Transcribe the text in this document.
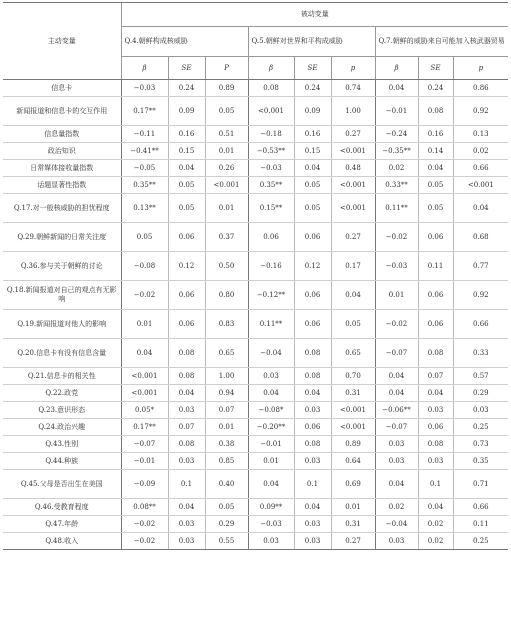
主动变量	被动变量								
	Q.4.朝鲜构成核威胁			Q.5.朝鲜对世界和平构成威胁			Q.7.朝鲜的威胁来自可能加入核武器贸易		
	β	SE	P	β	SE	p	β	SE	p
信息卡	−0.03	0.24	0.89	0.08	0.24	0.74	0.04	0.24	0.86
新闻报道和信息卡的交互作用	0.17**	0.09	0.05	<0.001	0.09	1.00	−0.01	0.08	0.92
信息量指数	−0.11	0.16	0.51	−0.18	0.16	0.27	−0.24	0.16	0.13
政治知识	−0.41**	0.15	0.01	−0.53**	0.15	<0.001	−0.35**	0.14	0.02
日常媒体接收量指数	−0.05	0.04	0.26	−0.03	0.04	0.48	0.02	0.04	0.66
话题显著性指数	0.35**	0.05	<0.001	0.35**	0.05	<0.001	0.33**	0.05	<0.001
Q.17.对一般核威胁的担忧程度	0.13**	0.05	0.01	0.15**	0.05	<0.001	0.11**	0.05	0.04
Q.29.朝鲜新闻的日常关注度	0.05	0.06	0.37	0.06	0.06	0.27	−0.02	0.06	0.68
Q.36.参与关于朝鲜的讨论	−0.08	0.12	0.50	−0.16	0.12	0.17	−0.03	0.11	0.77
Q.18.新闻报道对自己的观点有无影响	−0.02	0.06	0.80	−0.12**	0.06	0.04	0.01	0.06	0.92
Q.19.新闻报道对他人的影响	0.01	0.06	0.83	0.11**	0.06	0.05	−0.02	0.06	0.66
Q.20.信息卡有没有信息含量	0.04	0.08	0.65	−0.04	0.08	0.65	−0.07	0.08	0.33
Q.21.信息卡的相关性	<0.001	0.08	1.00	0.03	0.08	0.70	0.04	0.07	0.57
Q.22.政党	<0.001	0.04	0.94	0.04	0.04	0.31	0.04	0.04	0.29
Q.23.意识形态	0.05*	0.03	0.07	−0.08*	0.03	<0.001	−0.06**	0.03	0.03
Q.24.政治兴趣	0.17**	0.07	0.01	−0.20**	0.06	<0.001	−0.07	0.06	0.25
Q.43.性别	−0.07	0.08	0.38	−0.01	0.08	0.89	0.03	0.08	0.73
Q.44.种族	−0.01	0.03	0.85	0.01	0.03	0.64	0.03	0.03	0.35
Q.45.父母是否出生在美国	−0.09	0.1	0.40	0.04	0.1	0.69	0.04	0.1	0.71
Q.46.受教育程度	0.08**	0.04	0.05	0.09**	0.04	0.01	0.02	0.04	0.66
Q.47.年龄	−0.02	0.03	0.29	−0.03	0.03	0.31	−0.04	0.02	0.11
Q.48.收入	−0.02	0.03	0.55	0.03	0.03	0.27	0.03	0.02	0.25
